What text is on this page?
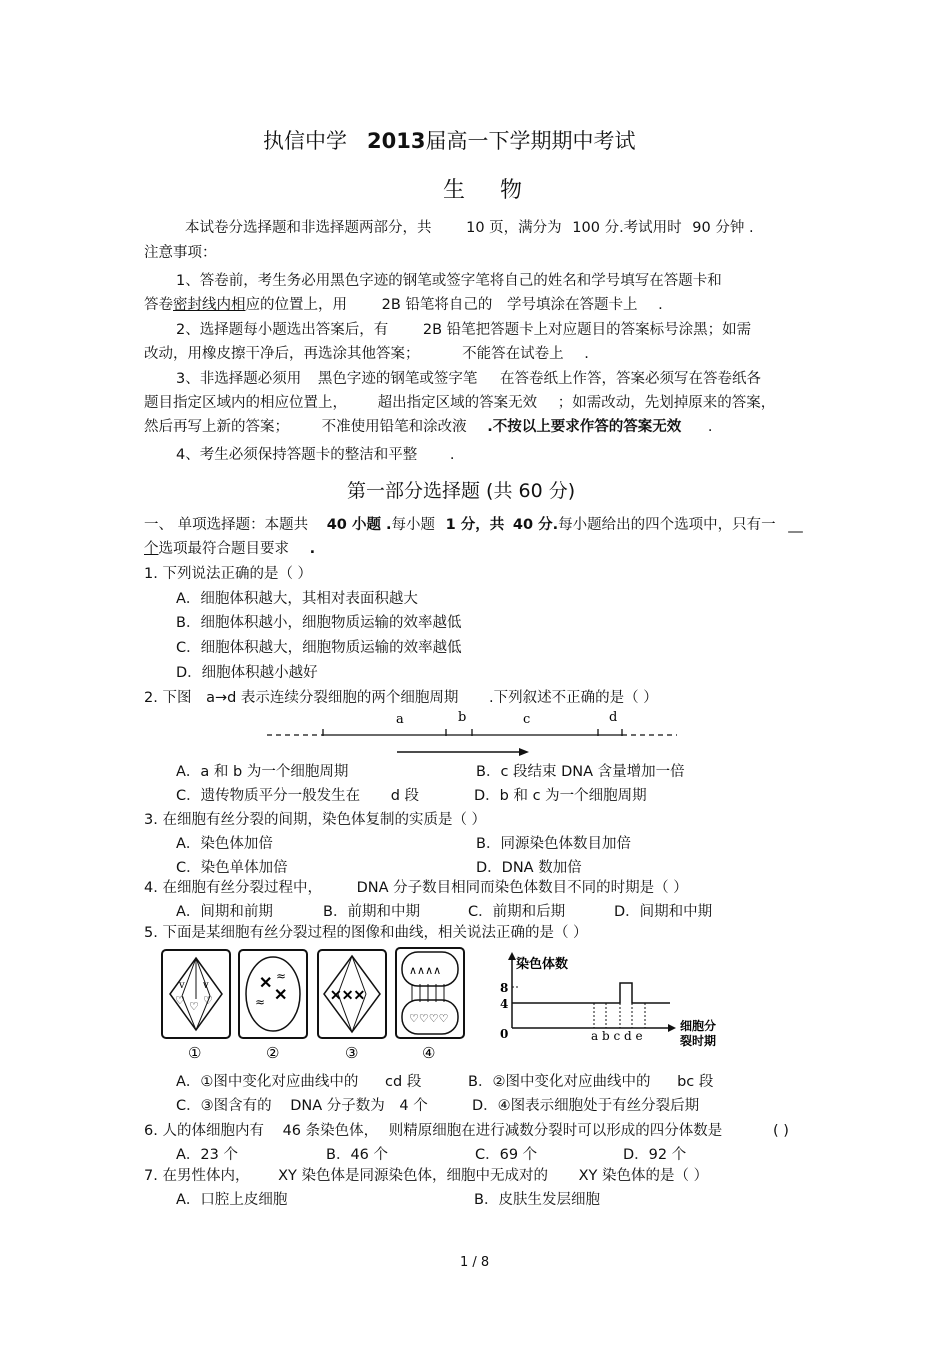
执信中学 2013届高一下学期期中考试
生 物
本试卷分选择题和非选择题两部分，共 10 页，满分为 100 分.考试用时 90 分钟 .
注意事项：
1、答卷前，考生务必用黑色字迹的钢笔或签字笔将自己的姓名和学号填写在答题卡和
答卷密封线内相应的位置上，用 2B 铅笔将自己的 学号填涂在答题卡上 .
2、选择题每小题选出答案后，有 2B 铅笔把答题卡上对应题目的答案标号涂黑；如需
改动，用橡皮擦干净后，再选涂其他答案；	不能答在试卷上 .
3、非选择题必须用 黑色字迹的钢笔或签字笔 在答卷纸上作答，答案必须写在答卷纸各
题目指定区域内的相应位置上， 超出指定区域的答案无效 ；如需改动，先划掉原来的答案，
然后再写上新的答案； 不准使用铅笔和涂改液 .不按以上要求作答的答案无效 .
4、考生必须保持答题卡的整洁和平整 .
第一部分选择题 (共 60 分)
一、 单项选择题：本题共 40 小题 .每小题 1 分，共 40 分.每小题给出的四个选项中，只有一 __
个选项最符合题目要求 .
1. 下列说法正确的是（ ）
A．细胞体积越大，其相对表面积越大
B．细胞体积越小，细胞物质运输的效率越低
C．细胞体积越大，细胞物质运输的效率越低
D．细胞体积越小越好
2. 下图 a→d 表示连续分裂细胞的两个细胞周期 .下列叙述不正确的是（ ）
a	b	c	d
A．a 和 b 为一个细胞周期	B．c 段结束 DNA 含量增加一倍
C．遗传物质平分一般发生在 d 段	D．b 和 c 为一个细胞周期
3. 在细胞有丝分裂的间期，染色体复制的实质是（ ）
A．染色体加倍	B．同源染色体数目加倍
C．染色单体加倍	D．DNA 数加倍
4. 在细胞有丝分裂过程中， DNA 分子数目相同而染色体数目不同的时期是（ ）
A．间期和前期	B．前期和中期	C．前期和后期	D．间期和中期
5. 下面是某细胞有丝分裂过程的图像和曲线，相关说法正确的是（ ）
♡ ♡ ♡
v v	✕
✕
≈
≈
✕✕✕
∧∧∧∧
♡♡♡♡
①	②	③	④
染色体数
8
4
0	a b c d e
细胞分
裂时期
A．①图中变化对应曲线中的 cd 段	B．②图中变化对应曲线中的 bc 段
C．③图含有的 DNA 分子数为 4 个	D．④图表示细胞处于有丝分裂后期
6. 人的体细胞内有 46 条染色体， 则精原细胞在进行减数分裂时可以形成的四分体数是	( )
A．23 个	B．46 个	C．69 个	D．92 个
7. 在男性体内， XY 染色体是同源染色体，细胞中无成对的 XY 染色体的是（ ）
A．口腔上皮细胞	B．皮肤生发层细胞
1 / 8
